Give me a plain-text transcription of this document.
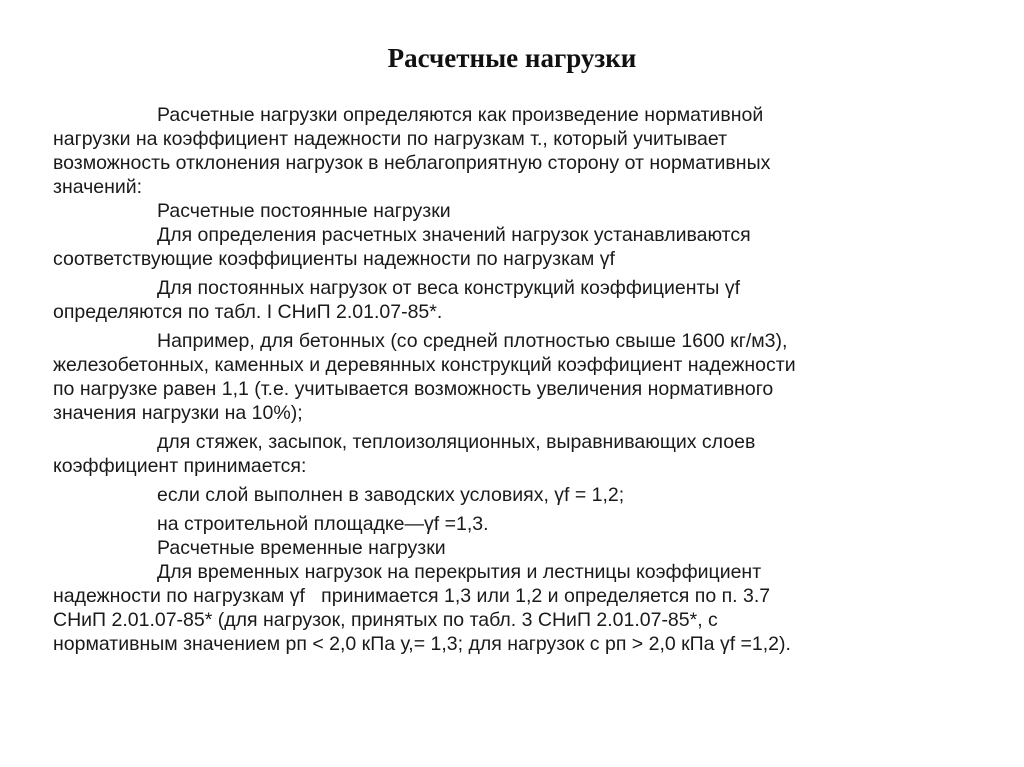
Расчетные нагрузки
Расчетные нагрузки определяются как произведение нормативной
нагрузки на коэффициент надежности по нагрузкам т., который учитывает
возможность отклонения нагрузок в неблагоприятную сторону от нормативных
значений:
Расчетные постоянные нагрузки
Для определения расчетных значений нагрузок устанавливаются
соответствующие коэффициенты надежности по нагрузкам γf
Для постоянных нагрузок от веса конструкций коэффициенты γf
определяются по табл. I СНиП 2.01.07-85*.
Например, для бетонных (со средней плотностью свыше 1600 кг/м3),
железобетонных, каменных и деревянных конструкций коэффициент надежности
по нагрузке равен 1,1 (т.е. учитывается возможность увеличения нормативного
значения нагрузки на 10%);
для стяжек, засыпок, теплоизоляционных, выравнивающих слоев
коэффициент принимается:
если слой выполнен в заводских условиях, γf = 1,2;
на строительной площадке—γf =1,3.
Расчетные временные нагрузки
Для временных нагрузок на перекрытия и лестницы коэффициент
надежности по нагрузкам γf   принимается 1,3 или 1,2 и определяется по п. 3.7
СНиП 2.01.07-85* (для нагрузок, принятых по табл. 3 СНиП 2.01.07-85*, с
нормативным значением рп < 2,0 кПа у,= 1,3; для нагрузок с рп > 2,0 кПа γf =1,2).
